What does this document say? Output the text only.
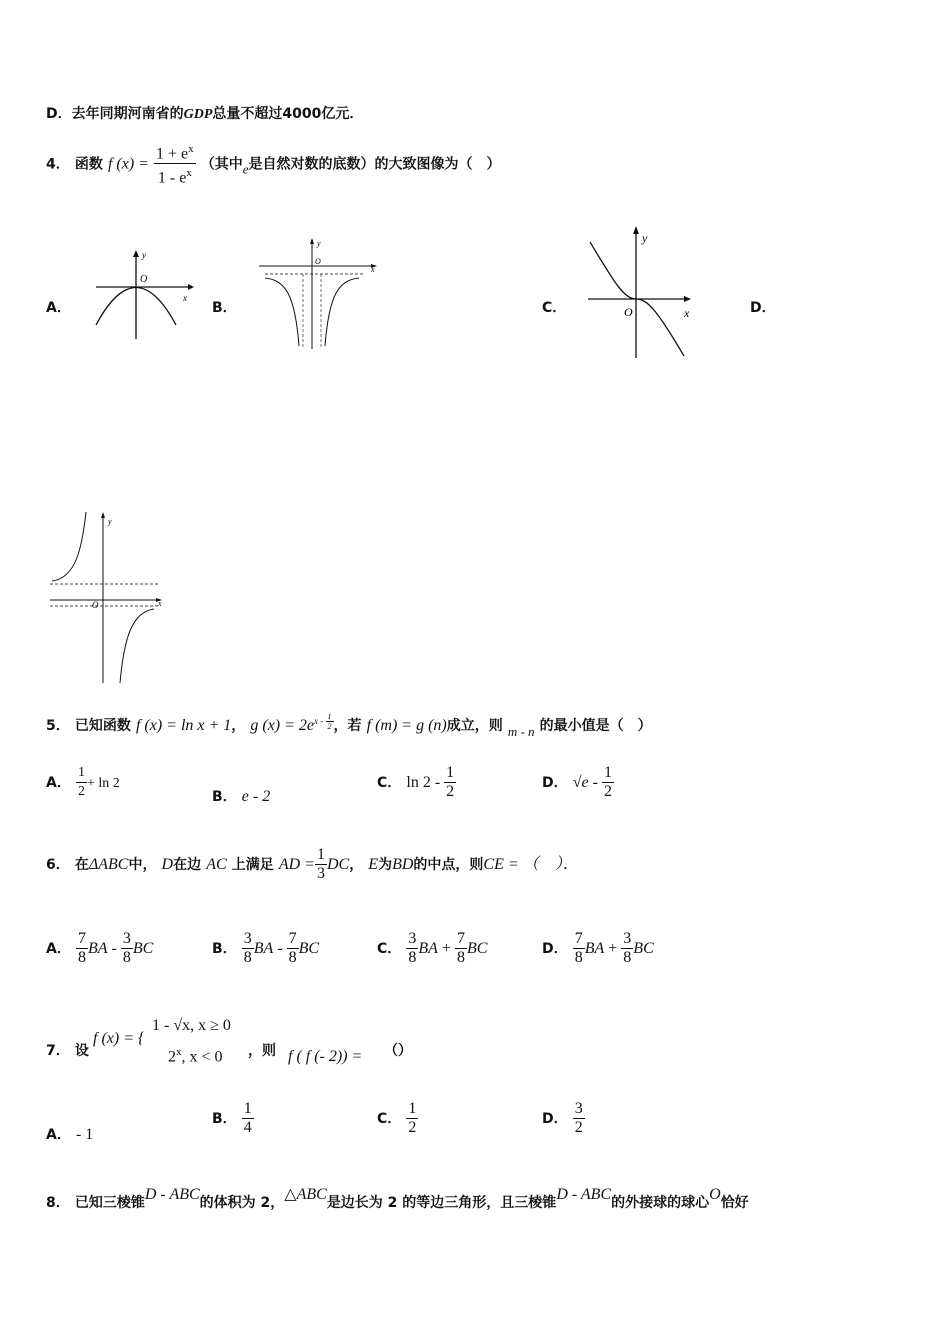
D．去年同期河南省的GDP总量不超过4000亿元．
4． 函数 f $(x) = \frac{1 + e^x}{1 - e^x}$ （其中$_e$是自然对数的底数）的大致图像为（　）
A．	B．	C．	D．
y
O
x
y
O
x
y
O	x
y
O	x
5． 已知函数 f (x) = ln x + 1， g $(x) = 2e^{x - \frac{1}{2}}$ ，若 f (m) = g (n)成立，则 $_{m - n}$ 的最小值是（　）
A． $\frac{1}{2} + \ln 2$
B． e - 2
C． $\ln 2 - \frac{1}{2}$	D． $√e - \frac{1}{2}$
6． 在ΔABC中， D在边 AC 上满足 AD = $\frac{1}{3}$ DC， E为BD的中点，则CE = （　）．
A． $\frac{7}{8}$ BA - $\frac{3}{8}$ BC	B． $\frac{3}{8}$ BA - $\frac{7}{8}$ BC	C． $\frac{3}{8}$ BA + $\frac{7}{8}$ BC	D． $\frac{7}{8}$ BA + $\frac{3}{8}$ BC
7． 设
f (x) = {
1 - √x, x ≥ 0
2$^x$, x < 0 ，则 f ( f (- 2)) = （）
A． - 1
B． $\frac{1}{4}$	C． $\frac{1}{2}$	D． $\frac{3}{2}$
8． 已知三棱锥D - ABC的体积为 2，△ABC是边长为 2 的等边三角形，且三棱锥D - ABC的外接球的球心O恰好
